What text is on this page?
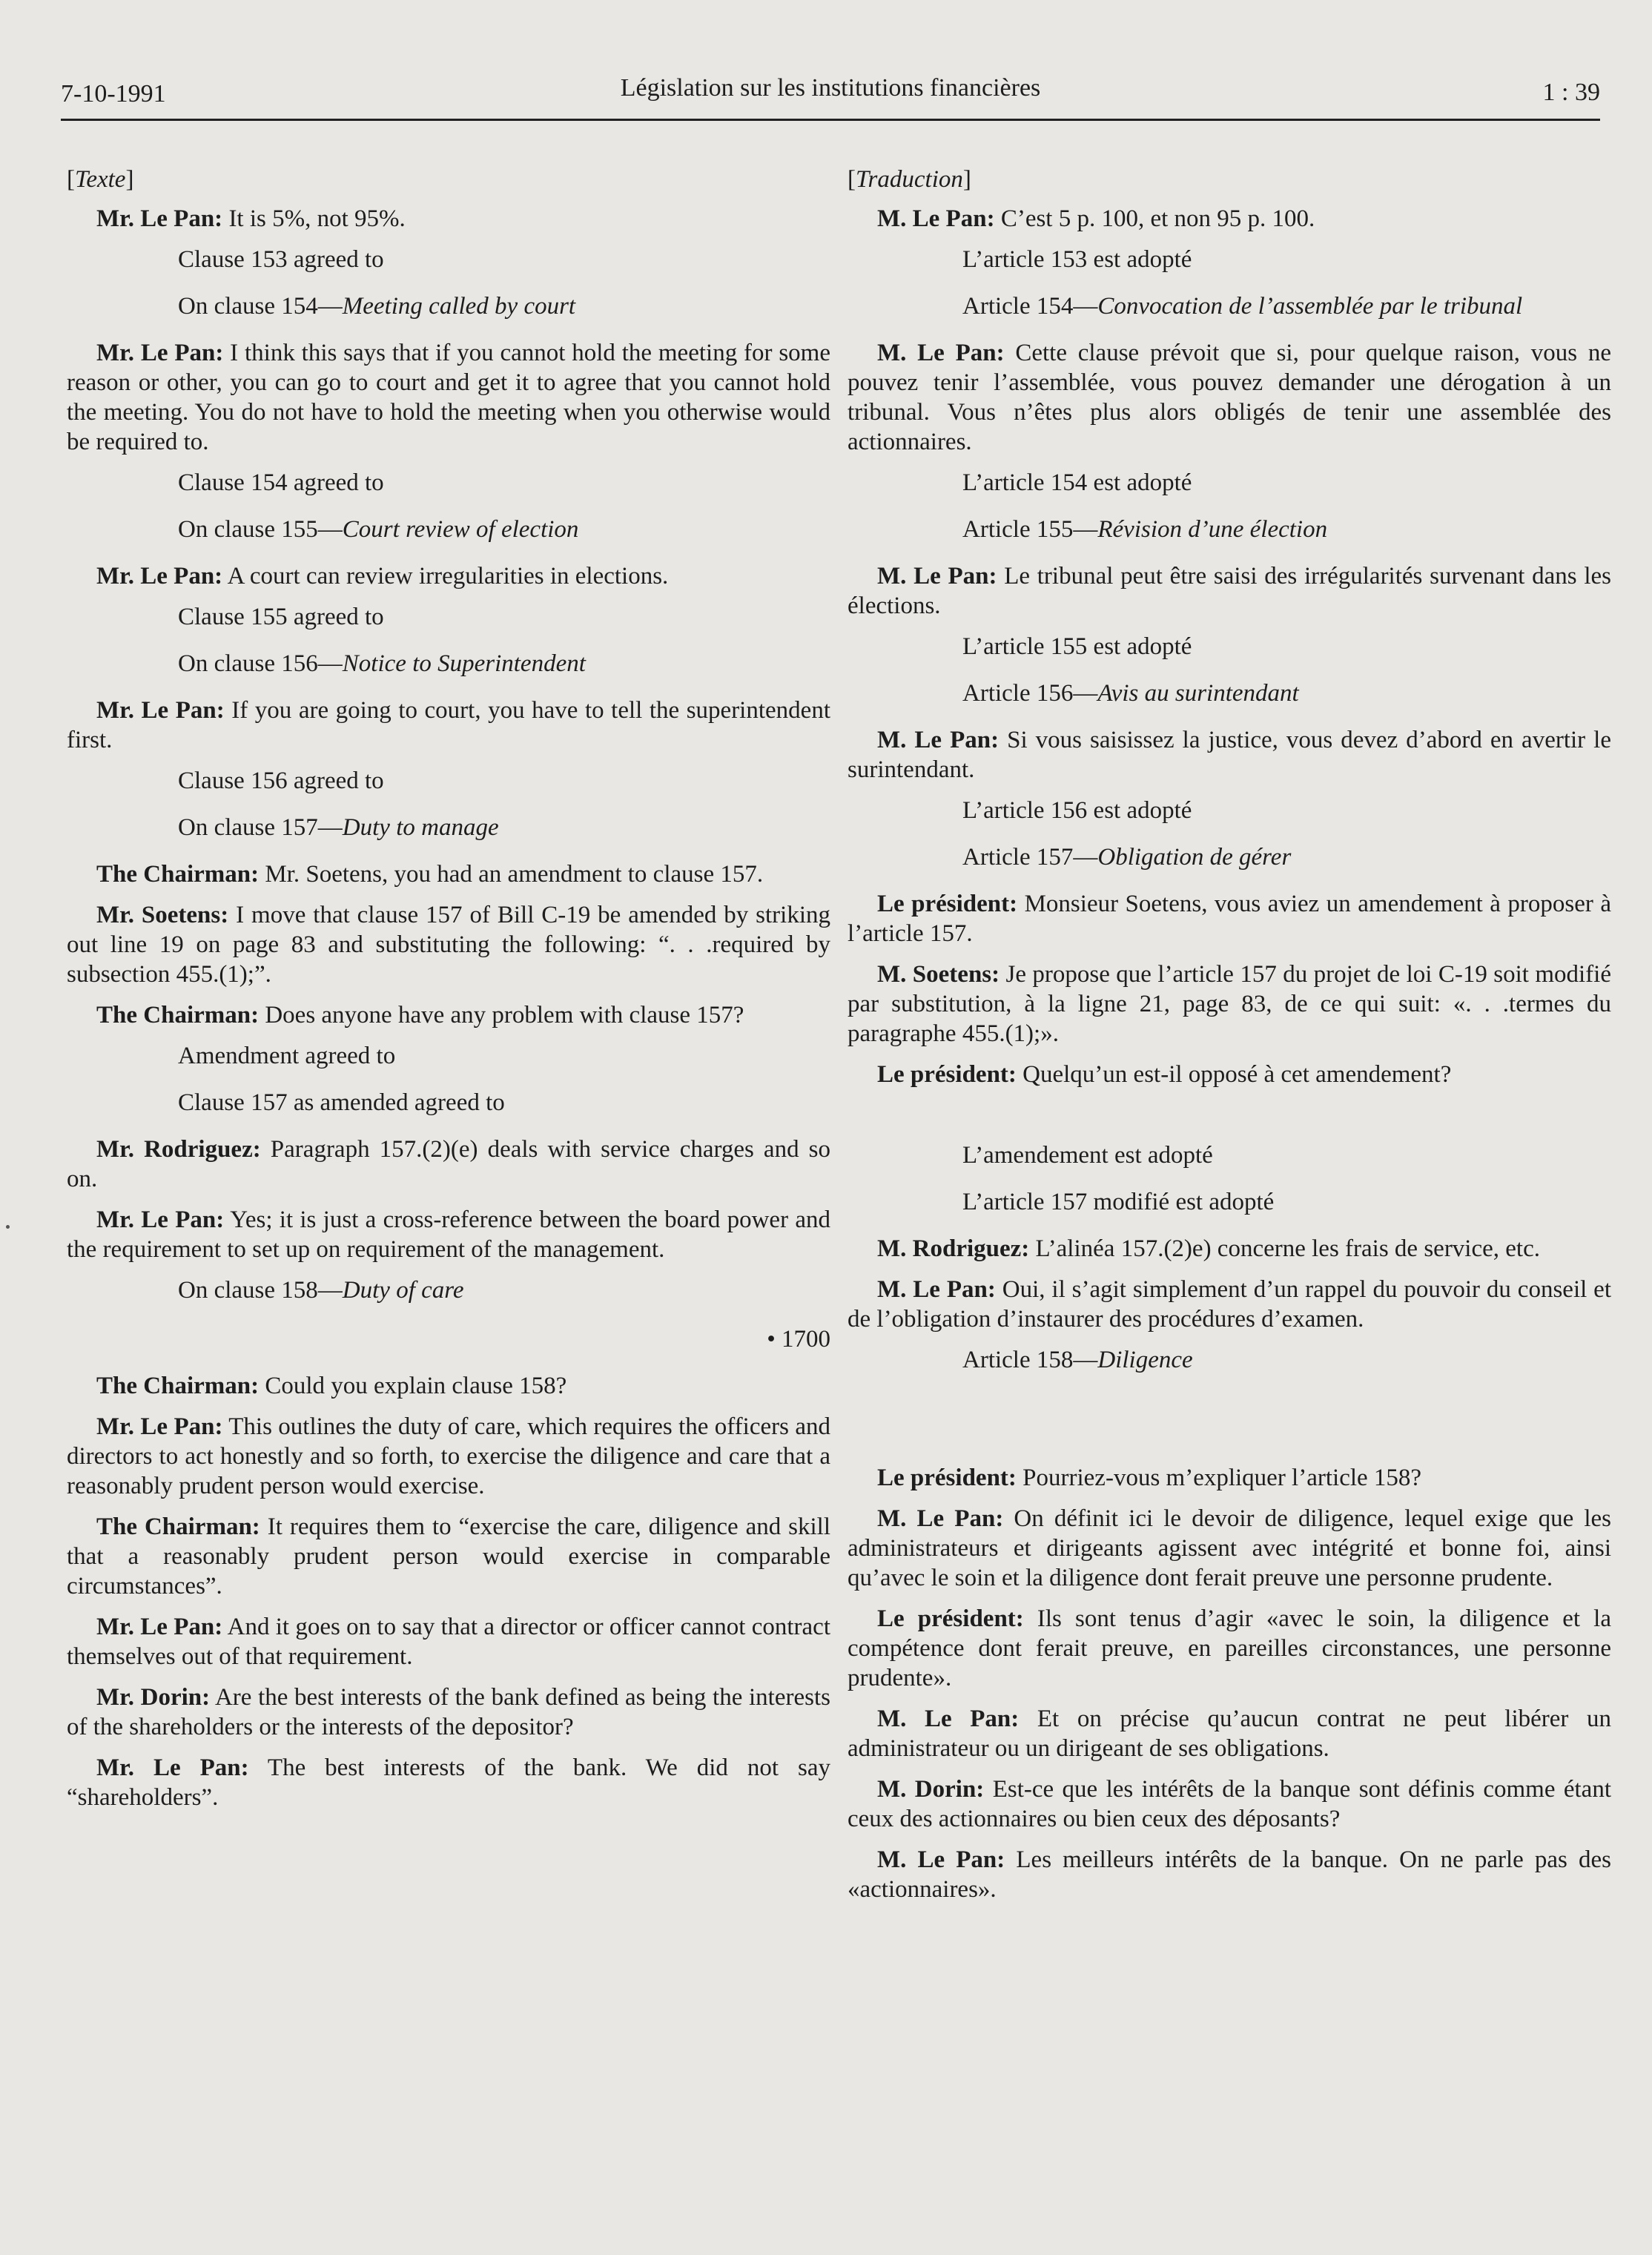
7-10-1991	Législation sur les institutions financières	1 : 39
[Texte]

Mr. Le Pan: It is 5%, not 95%.

Clause 153 agreed to
On clause 154—Meeting called by court

Mr. Le Pan: I think this says that if you cannot hold the meeting for some reason or other, you can go to court and get it to agree that you cannot hold the meeting. You do not have to hold the meeting when you otherwise would be required to.

Clause 154 agreed to
On clause 155—Court review of election

Mr. Le Pan: A court can review irregularities in elections.

Clause 155 agreed to
On clause 156—Notice to Superintendent

Mr. Le Pan: If you are going to court, you have to tell the superintendent first.

Clause 156 agreed to
On clause 157—Duty to manage

The Chairman: Mr. Soetens, you had an amendment to clause 157.

Mr. Soetens: I move that clause 157 of Bill C-19 be amended by striking out line 19 on page 83 and substituting the following: “. . .required by subsection 455.(1);”.

The Chairman: Does anyone have any problem with clause 157?

Amendment agreed to
Clause 157 as amended agreed to

Mr. Rodriguez: Paragraph 157.(2)(e) deals with service charges and so on.

Mr. Le Pan: Yes; it is just a cross-reference between the board power and the requirement to set up on requirement of the management.

On clause 158—Duty of care
• 1700

The Chairman: Could you explain clause 158?

Mr. Le Pan: This outlines the duty of care, which requires the officers and directors to act honestly and so forth, to exercise the diligence and care that a reasonably prudent person would exercise.

The Chairman: It requires them to “exercise the care, diligence and skill that a reasonably prudent person would exercise in comparable circumstances”.

Mr. Le Pan: And it goes on to say that a director or officer cannot contract themselves out of that requirement.

Mr. Dorin: Are the best interests of the bank defined as being the interests of the shareholders or the interests of the depositor?

Mr. Le Pan: The best interests of the bank. We did not say “shareholders”.

[Traduction]

M. Le Pan: C’est 5 p. 100, et non 95 p. 100.

L’article 153 est adopté
Article 154—Convocation de l’assemblée par le tribunal

M. Le Pan: Cette clause prévoit que si, pour quelque raison, vous ne pouvez tenir l’assemblée, vous pouvez demander une dérogation à un tribunal. Vous n’êtes plus alors obligés de tenir une assemblée des actionnaires.

L’article 154 est adopté
Article 155—Révision d’une élection

M. Le Pan: Le tribunal peut être saisi des irrégularités survenant dans les élections.

L’article 155 est adopté
Article 156—Avis au surintendant

M. Le Pan: Si vous saisissez la justice, vous devez d’abord en avertir le surintendant.

L’article 156 est adopté
Article 157—Obligation de gérer

Le président: Monsieur Soetens, vous aviez un amendement à proposer à l’article 157.

M. Soetens: Je propose que l’article 157 du projet de loi C-19 soit modifié par substitution, à la ligne 21, page 83, de ce qui suit: «. . .termes du paragraphe 455.(1);».

Le président: Quelqu’un est-il opposé à cet amendement?

L’amendement est adopté
L’article 157 modifié est adopté

M. Rodriguez: L’alinéa 157.(2)e) concerne les frais de service, etc.

M. Le Pan: Oui, il s’agit simplement d’un rappel du pouvoir du conseil et de l’obligation d’instaurer des procédures d’examen.

Article 158—Diligence

Le président: Pourriez-vous m’expliquer l’article 158?

M. Le Pan: On définit ici le devoir de diligence, lequel exige que les administrateurs et dirigeants agissent avec intégrité et bonne foi, ainsi qu’avec le soin et la diligence dont ferait preuve une personne prudente.

Le président: Ils sont tenus d’agir «avec le soin, la diligence et la compétence dont ferait preuve, en pareilles circonstances, une personne prudente».

M. Le Pan: Et on précise qu’aucun contrat ne peut libérer un administrateur ou un dirigeant de ses obligations.

M. Dorin: Est-ce que les intérêts de la banque sont définis comme étant ceux des actionnaires ou bien ceux des déposants?

M. Le Pan: Les meilleurs intérêts de la banque. On ne parle pas des «actionnaires».
